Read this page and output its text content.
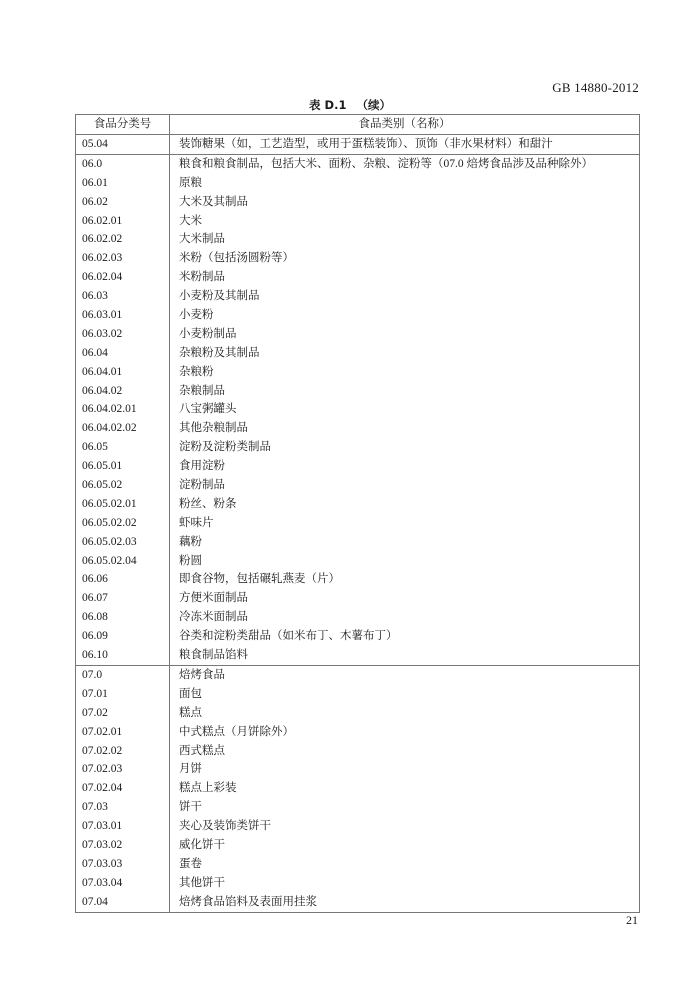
GB 14880-2012
表 D.1 （续）
食品分类号	食品类别（名称）
05.04	装饰糖果（如，工艺造型，或用于蛋糕装饰）、顶饰（非水果材料）和甜汁
06.0	粮食和粮食制品，包括大米、面粉、杂粮、淀粉等（07.0 焙烤食品涉及品种除外）
06.01	原粮
06.02	大米及其制品
06.02.01	大米
06.02.02	大米制品
06.02.03	米粉（包括汤圆粉等）
06.02.04	米粉制品
06.03	小麦粉及其制品
06.03.01	小麦粉
06.03.02	小麦粉制品
06.04	杂粮粉及其制品
06.04.01	杂粮粉
06.04.02	杂粮制品
06.04.02.01	八宝粥罐头
06.04.02.02	其他杂粮制品
06.05	淀粉及淀粉类制品
06.05.01	食用淀粉
06.05.02	淀粉制品
06.05.02.01	粉丝、粉条
06.05.02.02	虾味片
06.05.02.03	藕粉
06.05.02.04	粉圆
06.06	即食谷物，包括碾轧燕麦（片）
06.07	方便米面制品
06.08	冷冻米面制品
06.09	谷类和淀粉类甜品（如米布丁、木薯布丁）
06.10	粮食制品馅料
07.0	焙烤食品
07.01	面包
07.02	糕点
07.02.01	中式糕点（月饼除外）
07.02.02	西式糕点
07.02.03	月饼
07.02.04	糕点上彩装
07.03	饼干
07.03.01	夹心及装饰类饼干
07.03.02	威化饼干
07.03.03	蛋卷
07.03.04	其他饼干
07.04	焙烤食品馅料及表面用挂浆
21
